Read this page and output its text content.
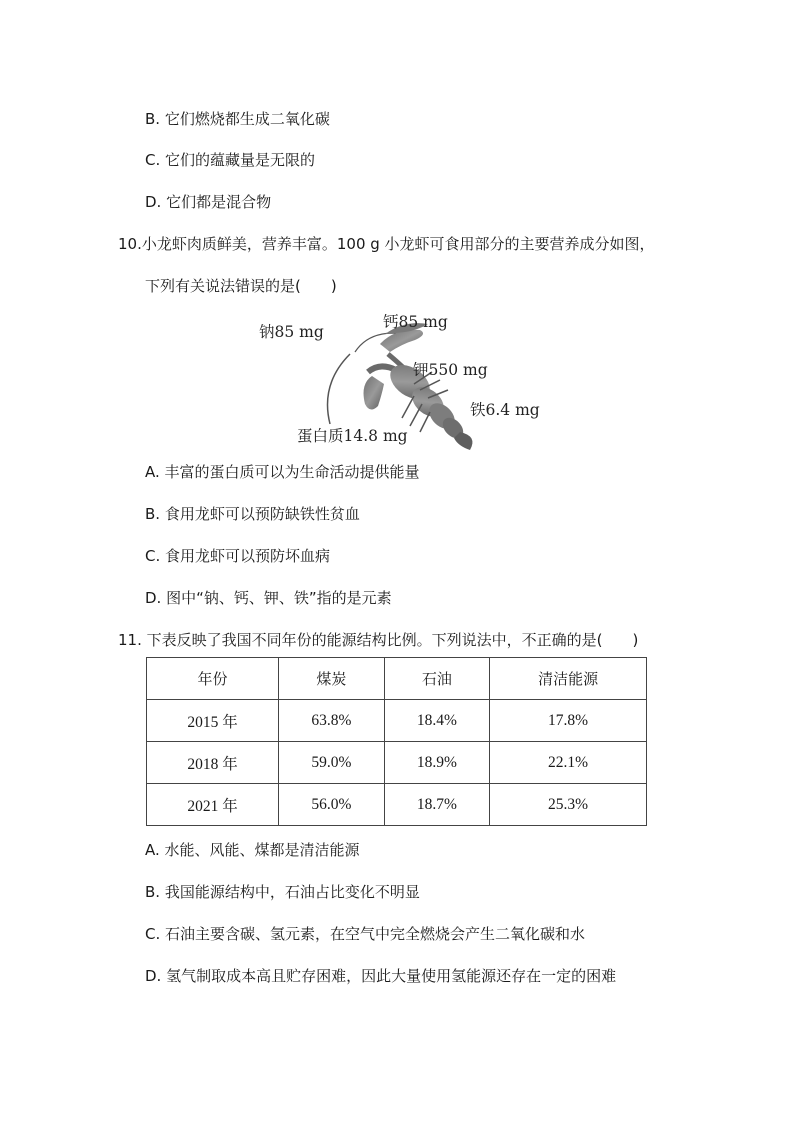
B. 它们燃烧都生成二氧化碳
C. 它们的蕴藏量是无限的
D. 它们都是混合物
10.小龙虾肉质鲜美，营养丰富。100 g 小龙虾可食用部分的主要营养成分如图，
下列有关说法错误的是(　　)
钠85 mg
钙85 mg
钾550 mg
铁6.4 mg
蛋白质14.8 mg
A. 丰富的蛋白质可以为生命活动提供能量
B. 食用龙虾可以预防缺铁性贫血
C. 食用龙虾可以预防坏血病
D. 图中“钠、钙、钾、铁”指的是元素
11. 下表反映了我国不同年份的能源结构比例。下列说法中，不正确的是(　　)
年份	煤炭	石油	清洁能源
2015 年	63.8%	18.4%	17.8%
2018 年	59.0%	18.9%	22.1%
2021 年	56.0%	18.7%	25.3%
A. 水能、风能、煤都是清洁能源
B. 我国能源结构中，石油占比变化不明显
C. 石油主要含碳、氢元素，在空气中完全燃烧会产生二氧化碳和水
D. 氢气制取成本高且贮存困难，因此大量使用氢能源还存在一定的困难
